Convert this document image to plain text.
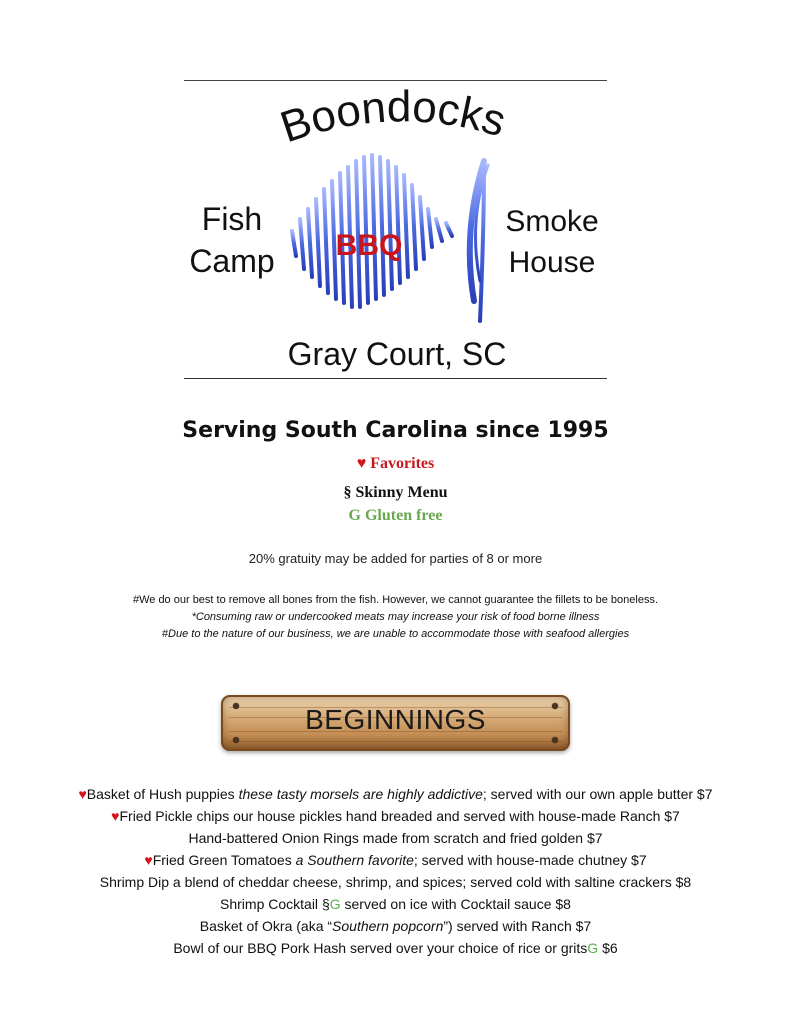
Boondocks
BBQ
Fish
Camp
Smoke
House
Gray Court, SC
Serving South Carolina since 1995
♥ Favorites
§ Skinny Menu
G Gluten free
20% gratuity may be added for parties of 8 or more
#We do our best to remove all bones from the fish. However, we cannot guarantee the fillets to be boneless.
*Consuming raw or undercooked meats may increase your risk of food borne illness
#Due to the nature of our business, we are unable to accommodate those with seafood allergies
BEGINNINGS
♥Basket of Hush puppies these tasty morsels are highly addictive; served with our own apple butter $7
♥Fried Pickle chips our house pickles hand breaded and served with house-made Ranch $7
Hand-battered Onion Rings made from scratch and fried golden $7
♥Fried Green Tomatoes a Southern favorite; served with house-made chutney $7
Shrimp Dip a blend of cheddar cheese, shrimp, and spices; served cold with saltine crackers $8
Shrimp Cocktail §G served on ice with Cocktail sauce $8
Basket of Okra (aka “Southern popcorn”) served with Ranch $7
Bowl of our BBQ Pork Hash served over your choice of rice or gritsG $6
